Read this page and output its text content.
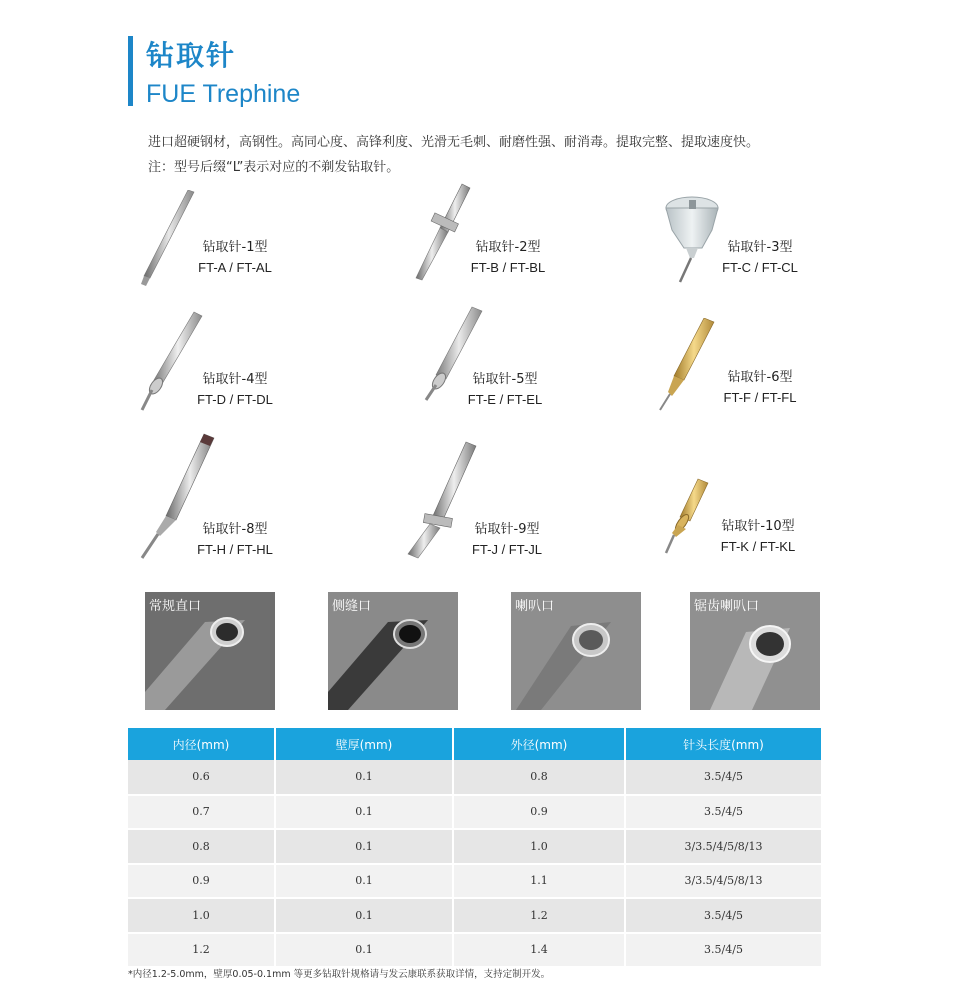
钻取针
FUE Trephine
进口超硬钢材，高钢性。高同心度、高锋利度、光滑无毛刺、耐磨性强、耐消毒。提取完整、提取速度快。
注：型号后缀“L”表示对应的不剃发钻取针。
钻取针-1型
FT-A / FT-AL
钻取针-2型
FT-B / FT-BL
钻取针-3型
FT-C / FT-CL
钻取针-4型
FT-D / FT-DL
钻取针-5型
FT-E / FT-EL
钻取针-6型
FT-F / FT-FL
钻取针-8型
FT-H / FT-HL
钻取针-9型
FT-J / FT-JL
钻取针-10型
FT-K / FT-KL
常规直口	侧缝口	喇叭口	锯齿喇叭口
内径(mm)	壁厚(mm)	外径(mm)	针头长度(mm)
0.6	0.1	0.8	3.5/4/5
0.7	0.1	0.9	3.5/4/5
0.8	0.1	1.0	3/3.5/4/5/8/13
0.9	0.1	1.1	3/3.5/4/5/8/13
1.0	0.1	1.2	3.5/4/5
1.2	0.1	1.4	3.5/4/5
*内径1.2-5.0mm，壁厚0.05-0.1mm 等更多钻取针规格请与发云康联系获取详情，支持定制开发。
